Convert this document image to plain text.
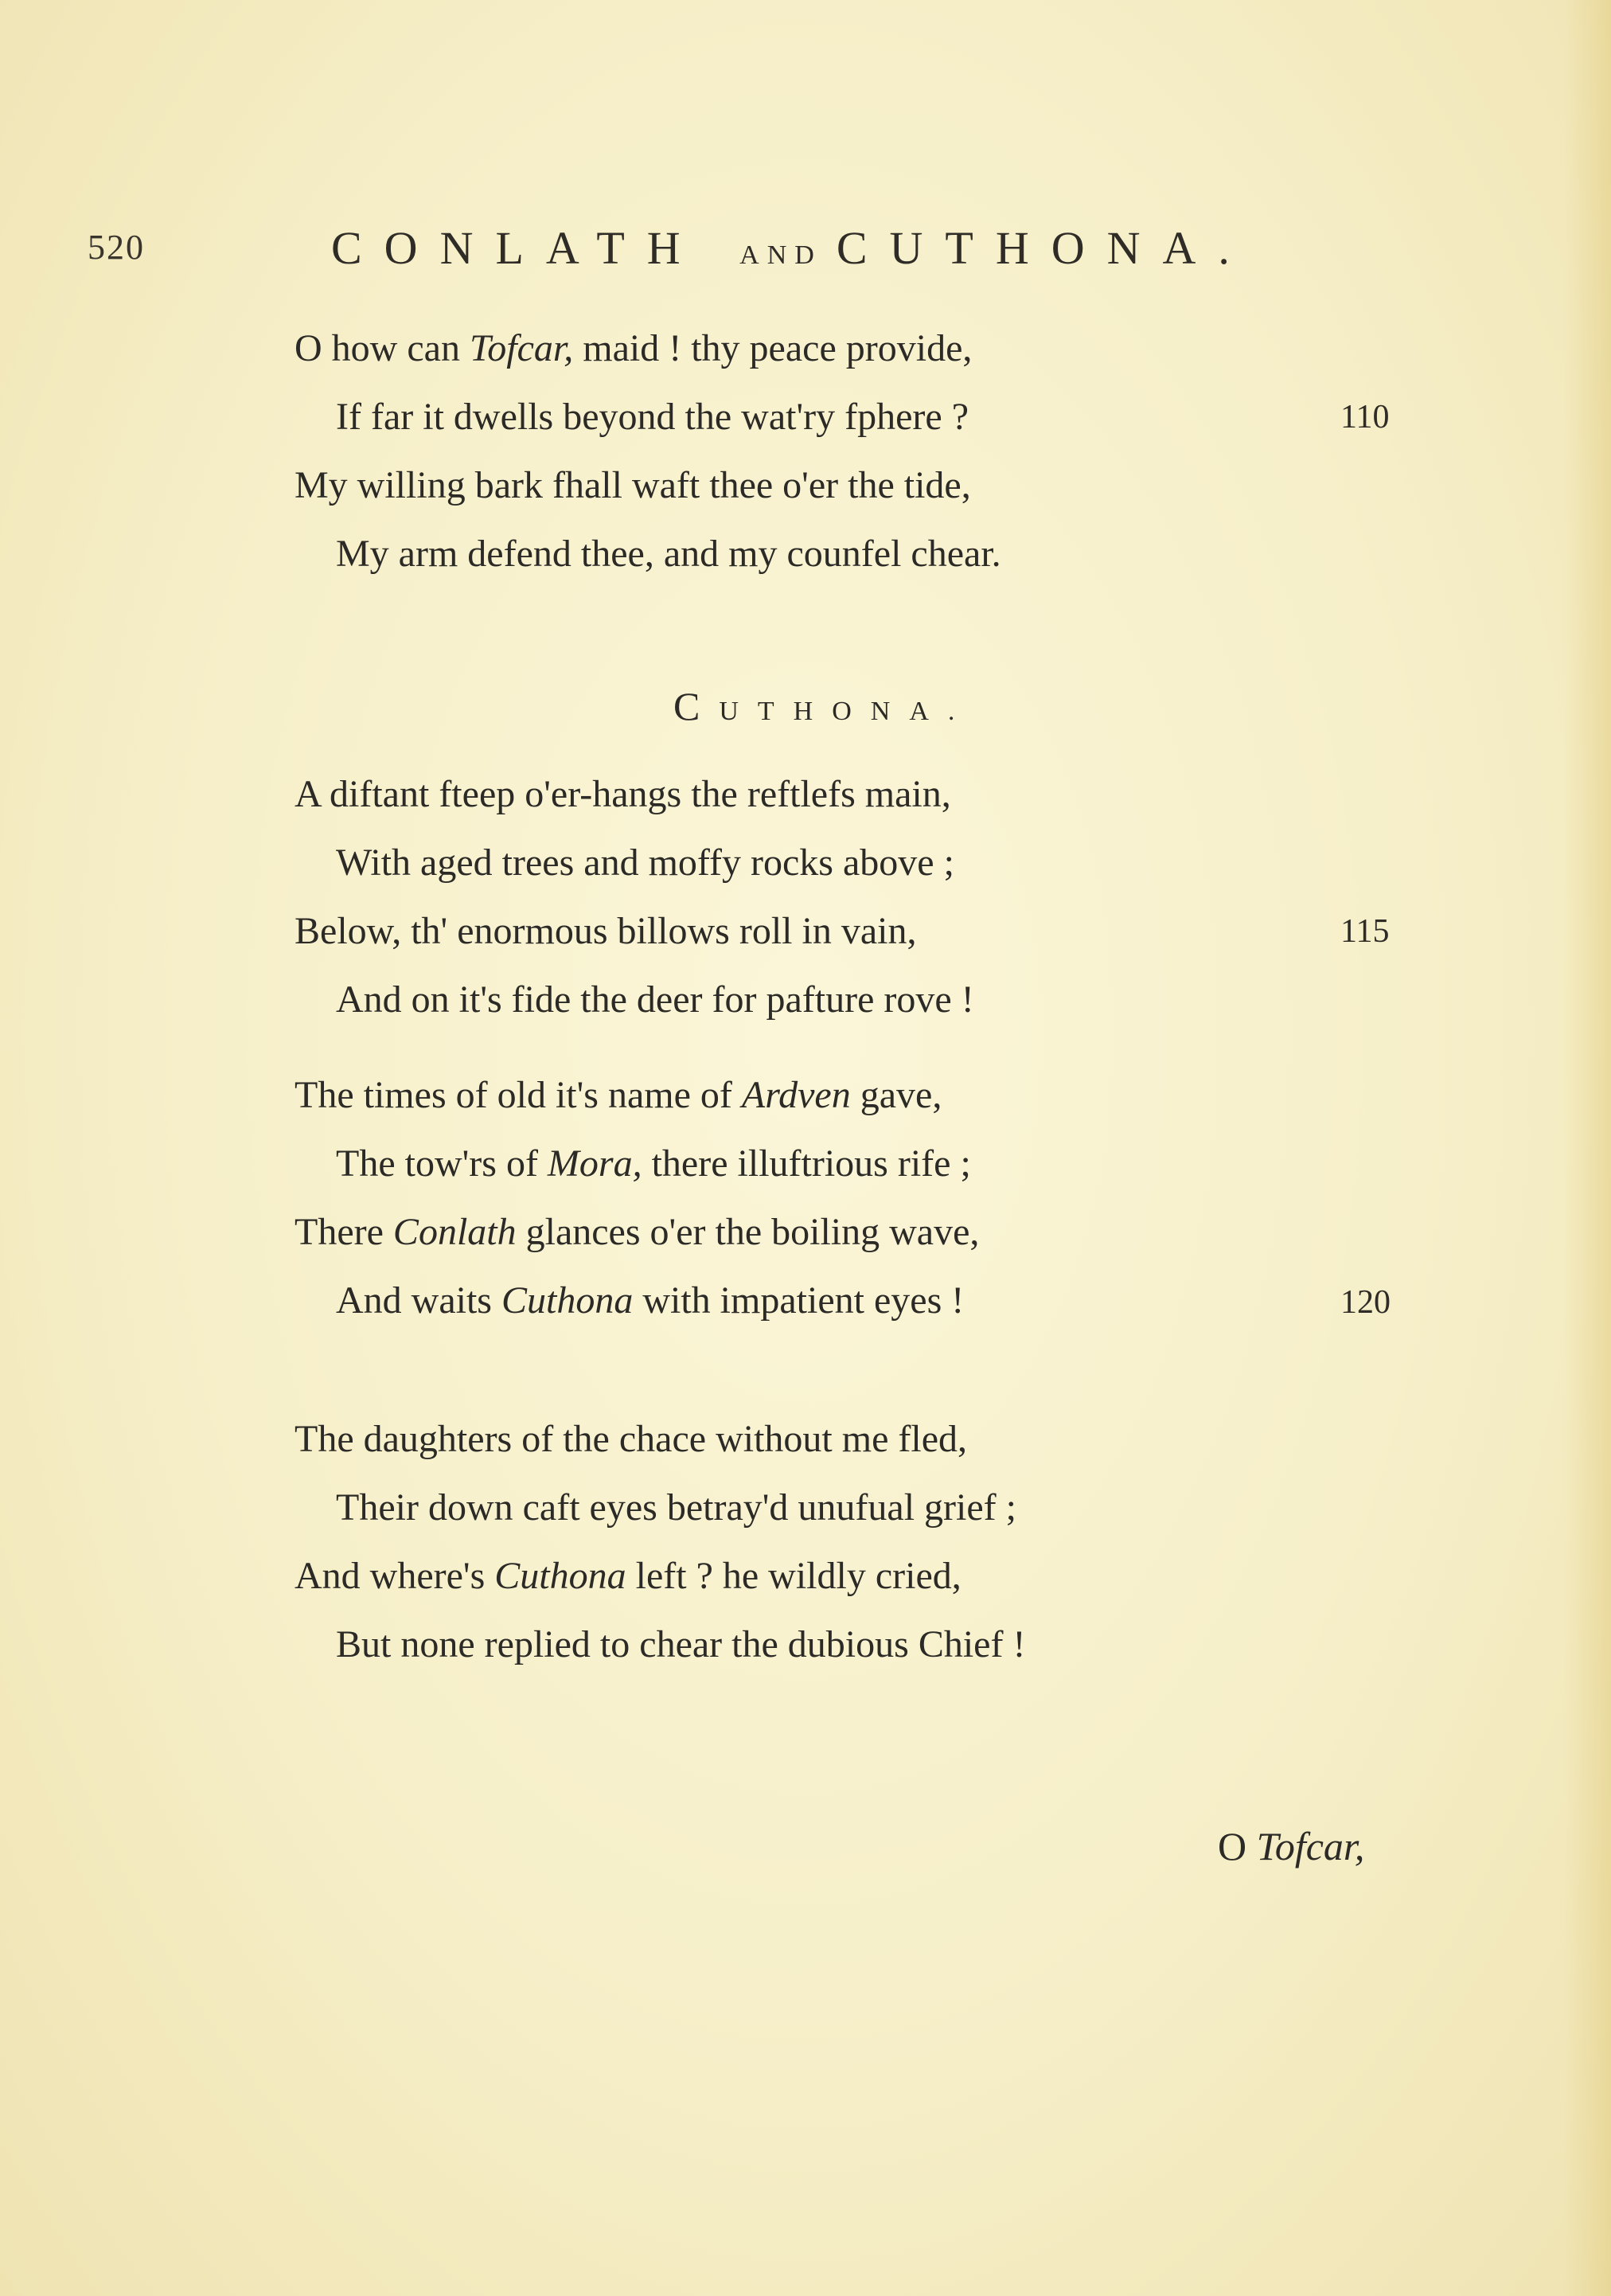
520	CONLATH AND CUTHONA.
O how can Tofcar, maid ! thy peace provide,
If far it dwells beyond the wat'ry fphere ?	110
My willing bark fhall waft thee o'er the tide,
My arm defend thee, and my counfel chear.
CUTHONA.
A diftant fteep o'er-hangs the reftlefs main,
With aged trees and moffy rocks above ;
Below, th' enormous billows roll in vain,	115
And on it's fide the deer for pafture rove !
The times of old it's name of Ardven gave,
The tow'rs of Mora, there illuftrious rife ;
There Conlath glances o'er the boiling wave,
And waits Cuthona with impatient eyes !	120
The daughters of the chace without me fled,
Their down caft eyes betray'd unufual grief ;
And where's Cuthona left ? he wildly cried,
But none replied to chear the dubious Chief !
O Tofcar,
